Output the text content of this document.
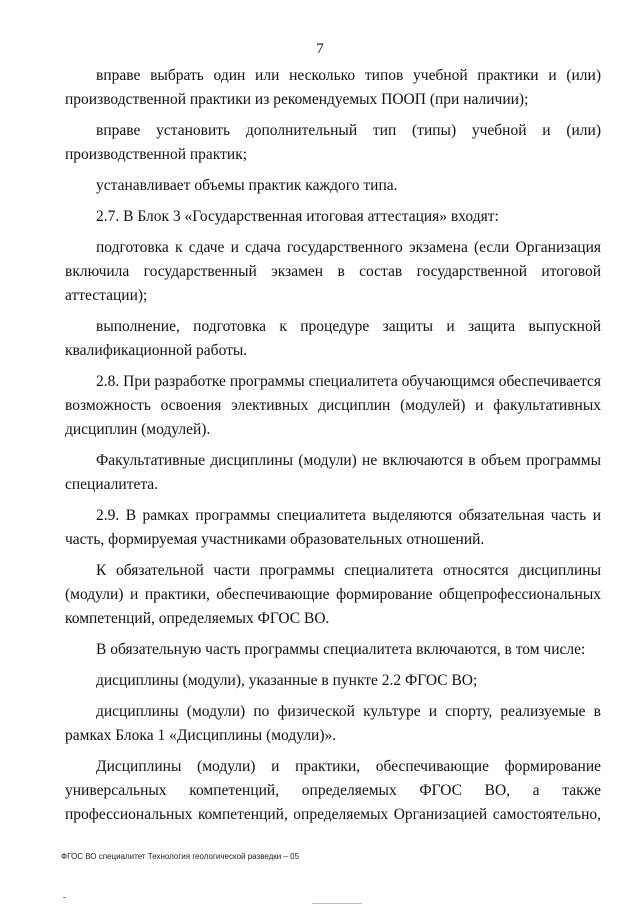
7

вправе выбрать один или несколько типов учебной практики и (или) производственной практики из рекомендуемых ПООП (при наличии);

вправе установить дополнительный тип (типы) учебной и (или) производственной практик;

устанавливает объемы практик каждого типа.

2.7. В Блок 3 «Государственная итоговая аттестация» входят:

подготовка к сдаче и сдача государственного экзамена (если Организация включила государственный экзамен в состав государственной итоговой аттестации);

выполнение, подготовка к процедуре защиты и защита выпускной квалификационной работы.

2.8. При разработке программы специалитета обучающимся обеспечивается возможность освоения элективных дисциплин (модулей) и факультативных дисциплин (модулей).

Факультативные дисциплины (модули) не включаются в объем программы специалитета.

2.9. В рамках программы специалитета выделяются обязательная часть и часть, формируемая участниками образовательных отношений.

К обязательной части программы специалитета относятся дисциплины (модули) и практики, обеспечивающие формирование общепрофессиональных компетенций, определяемых ФГОС ВО.

В обязательную часть программы специалитета включаются, в том числе:

дисциплины (модули), указанные в пункте 2.2 ФГОС ВО;

дисциплины (модули) по физической культуре и спорту, реализуемые в рамках Блока 1 «Дисциплины (модули)».

Дисциплины (модули) и практики, обеспечивающие формирование универсальных компетенций, определяемых ФГОС ВО, а также профессиональных компетенций, определяемых Организацией самостоятельно,

ФГОС ВО специалитет Технология геологической разведки – 05
